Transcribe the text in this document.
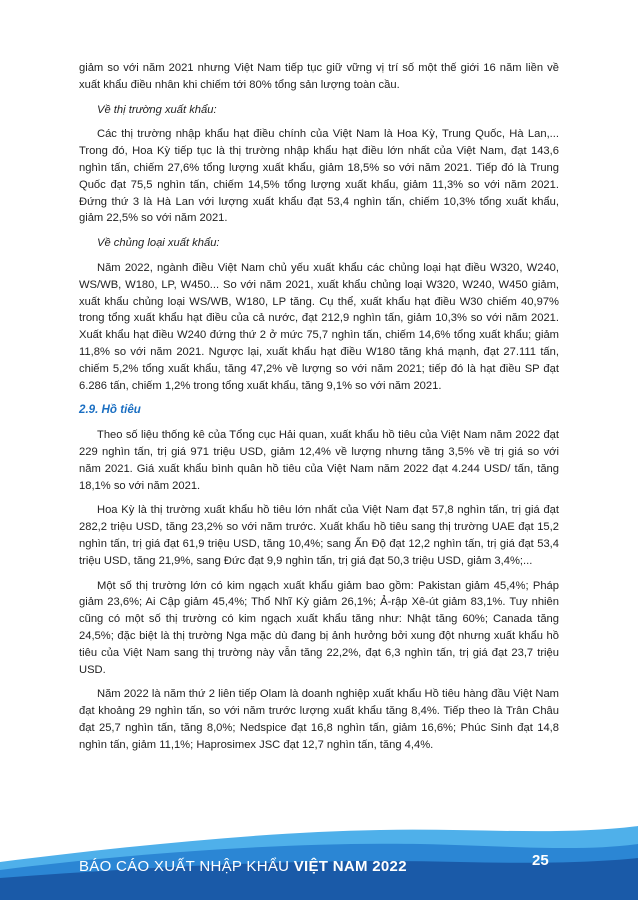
giảm so với năm 2021 nhưng Việt Nam tiếp tục giữ vững vị trí số một thế giới 16 năm liền về xuất khẩu điều nhân khi chiếm tới 80% tổng sản lượng toàn cầu.

Về thị trường xuất khẩu:

Các thị trường nhập khẩu hạt điều chính của Việt Nam là Hoa Kỳ, Trung Quốc, Hà Lan,... Trong đó, Hoa Kỳ tiếp tục là thị trường nhập khẩu hạt điều lớn nhất của Việt Nam, đạt 143,6 nghìn tấn, chiếm 27,6% tổng lượng xuất khẩu, giảm 18,5% so với năm 2021. Tiếp đó là Trung Quốc đạt 75,5 nghìn tấn, chiếm 14,5% tổng lượng xuất khẩu, giảm 11,3% so với năm 2021. Đứng thứ 3 là Hà Lan với lượng xuất khẩu đạt 53,4 nghìn tấn, chiếm 10,3% tổng xuất khẩu, giảm 22,5% so với năm 2021.

Về chủng loại xuất khẩu:

Năm 2022, ngành điều Việt Nam chủ yếu xuất khẩu các chủng loại hạt điều W320, W240, WS/WB, W180, LP, W450... So với năm 2021, xuất khẩu chủng loại W320, W240, W450 giảm, xuất khẩu chủng loại WS/WB, W180, LP tăng. Cụ thể, xuất khẩu hạt điều W30 chiếm 40,97% trong tổng xuất khẩu hạt điều của cả nước, đạt 212,9 nghìn tấn, giảm 10,3% so với năm 2021. Xuất khẩu hạt điều W240 đứng thứ 2 ở mức 75,7 nghìn tấn, chiếm 14,6% tổng xuất khẩu; giảm 11,8% so với năm 2021. Ngược lại, xuất khẩu hạt điều W180 tăng khá mạnh, đạt 27.111 tấn, chiếm 5,2% tổng xuất khẩu, tăng 47,2% về lượng so với năm 2021; tiếp đó là hạt điều SP đạt 6.286 tấn, chiếm 1,2% trong tổng xuất khẩu, tăng 9,1% so với năm 2021.

2.9. Hồ tiêu

Theo số liệu thống kê của Tổng cục Hải quan, xuất khẩu hồ tiêu của Việt Nam năm 2022 đạt 229 nghìn tấn, trị giá 971 triệu USD, giảm 12,4% về lượng nhưng tăng 3,5% về trị giá so với năm 2021. Giá xuất khẩu bình quân hồ tiêu của Việt Nam năm 2022 đạt 4.244 USD/ tấn, tăng 18,1% so với năm 2021.

Hoa Kỳ là thị trường xuất khẩu hồ tiêu lớn nhất của Việt Nam đạt 57,8 nghìn tấn, trị giá đạt 282,2 triệu USD, tăng 23,2% so với năm trước. Xuất khẩu hồ tiêu sang thị trường UAE đạt 15,2 nghìn tấn, trị giá đạt 61,9 triệu USD, tăng 10,4%; sang Ấn Độ đạt 12,2 nghìn tấn, trị giá đạt 53,4 triệu USD, tăng 21,9%, sang Đức đạt 9,9 nghìn tấn, trị giá đạt 50,3 triệu USD, giảm 3,4%;...

Một số thị trường lớn có kim ngạch xuất khẩu giảm bao gồm: Pakistan giảm 45,4%; Pháp giảm 23,6%; Ai Cập giảm 45,4%; Thổ Nhĩ Kỳ giảm 26,1%; Ả-rập Xê-út giảm 83,1%. Tuy nhiên cũng có một số thị trường có kim ngạch xuất khẩu tăng như: Nhật tăng 60%; Canada tăng 24,5%; đặc biệt là thị trường Nga mặc dù đang bị ảnh hưởng bởi xung đột nhưng xuất khẩu hồ tiêu của Việt Nam sang thị trường này vẫn tăng 22,2%, đạt 6,3 nghìn tấn, trị giá đạt 23,7 triệu USD.

Năm 2022 là năm thứ 2 liên tiếp Olam là doanh nghiệp xuất khẩu Hồ tiêu hàng đầu Việt Nam đạt khoảng 29 nghìn tấn, so với năm trước lượng xuất khẩu tăng 8,4%. Tiếp theo là Trân Châu đạt 25,7 nghìn tấn, tăng 8,0%; Nedspice đạt 16,8 nghìn tấn, giảm 16,6%; Phúc Sinh đạt 14,8 nghìn tấn, giảm 11,1%; Haprosimex JSC đạt 12,7 nghìn tấn, tăng 4,4%.

BÁO CÁO XUẤT NHẬP KHẨU VIỆT NAM 2022	25
